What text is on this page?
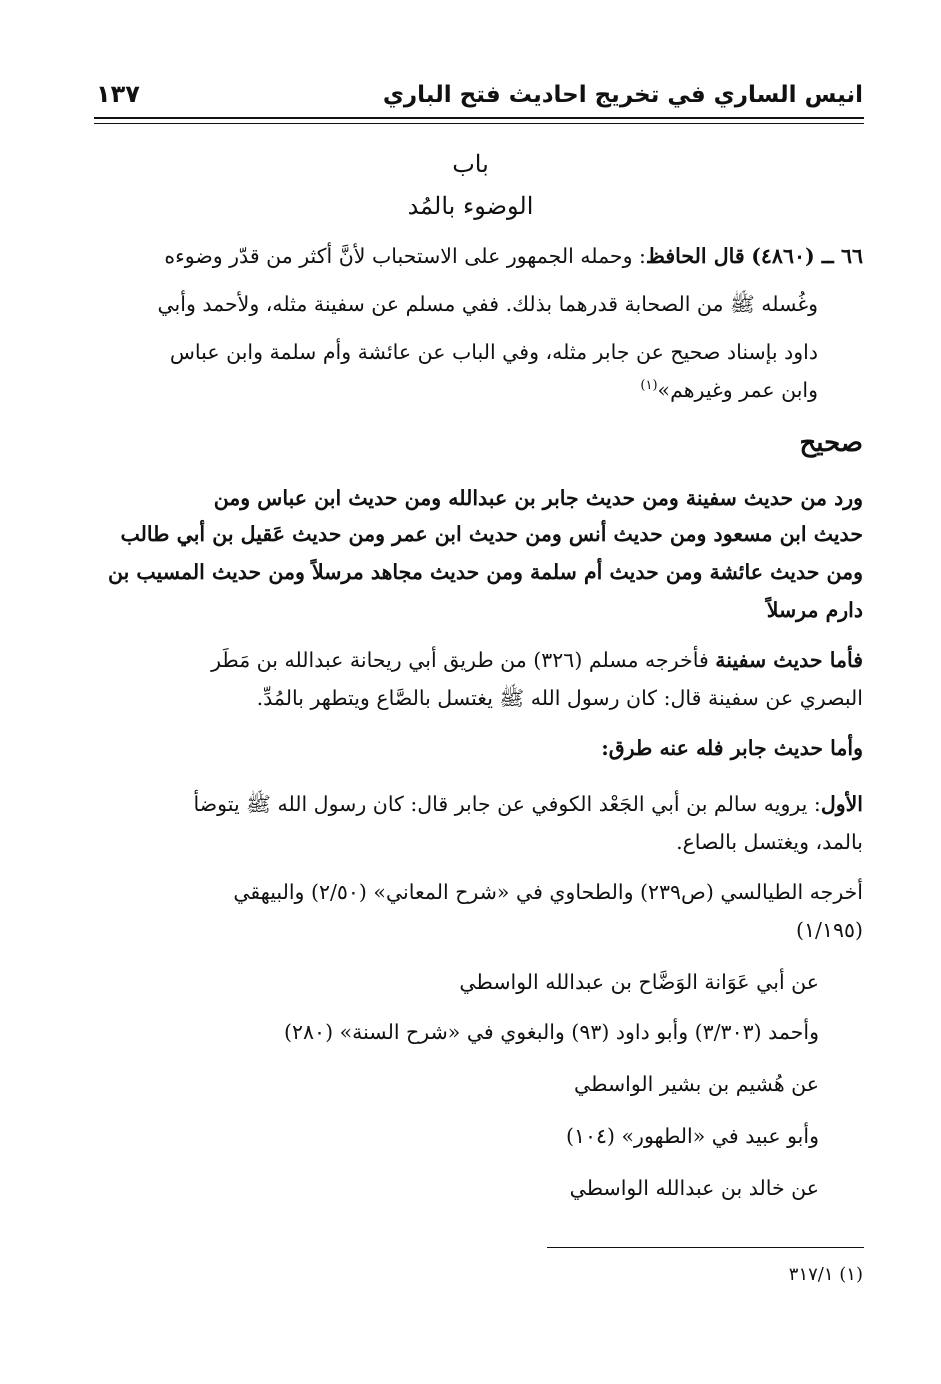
انيس الساري في تخريج احاديث فتح الباري
١٣٧
باب
الوضوء بالمُد
٦٦ ــ (٤٨٦٠) قال الحافظ: وحمله الجمهور على الاستحباب لأنَّ أكثر من قدّر وضوءه
وغُسله ﷺ من الصحابة قدرهما بذلك. ففي مسلم عن سفينة مثله، ولأحمد وأبي
داود بإسناد صحيح عن جابر مثله، وفي الباب عن عائشة وأم سلمة وابن عباس
وابن عمر وغيرهم»$^{(١)}$
صحيح
ورد من حديث سفينة ومن حديث جابر بن عبدالله ومن حديث ابن عباس ومن
حديث ابن مسعود ومن حديث أنس ومن حديث ابن عمر ومن حديث عَقيل بن أبي طالب
ومن حديث عائشة ومن حديث أم سلمة ومن حديث مجاهد مرسلاً ومن حديث المسيب بن
دارم مرسلاً
فأما حديث سفينة فأخرجه مسلم (٣٢٦) من طريق أبي ريحانة عبدالله بن مَطَر
البصري عن سفينة قال: كان رسول الله ﷺ يغتسل بالصَّاع ويتطهر بالمُدِّ.
وأما حديث جابر فله عنه طرق:
الأول: يرويه سالم بن أبي الجَعْد الكوفي عن جابر قال: كان رسول الله ﷺ يتوضأ
بالمد، ويغتسل بالصاع.
أخرجه الطيالسي (ص٢٣٩) والطحاوي في «شرح المعاني» (٢/٥٠) والبيهقي
(١/١٩٥)
عن أبي عَوَانة الوَضَّاح بن عبدالله الواسطي
وأحمد (٣/٣٠٣) وأبو داود (٩٣) والبغوي في «شرح السنة» (٢٨٠)
عن هُشيم بن بشير الواسطي
وأبو عبيد في «الطهور» (١٠٤)
عن خالد بن عبدالله الواسطي
(١) ٣١٧/١
